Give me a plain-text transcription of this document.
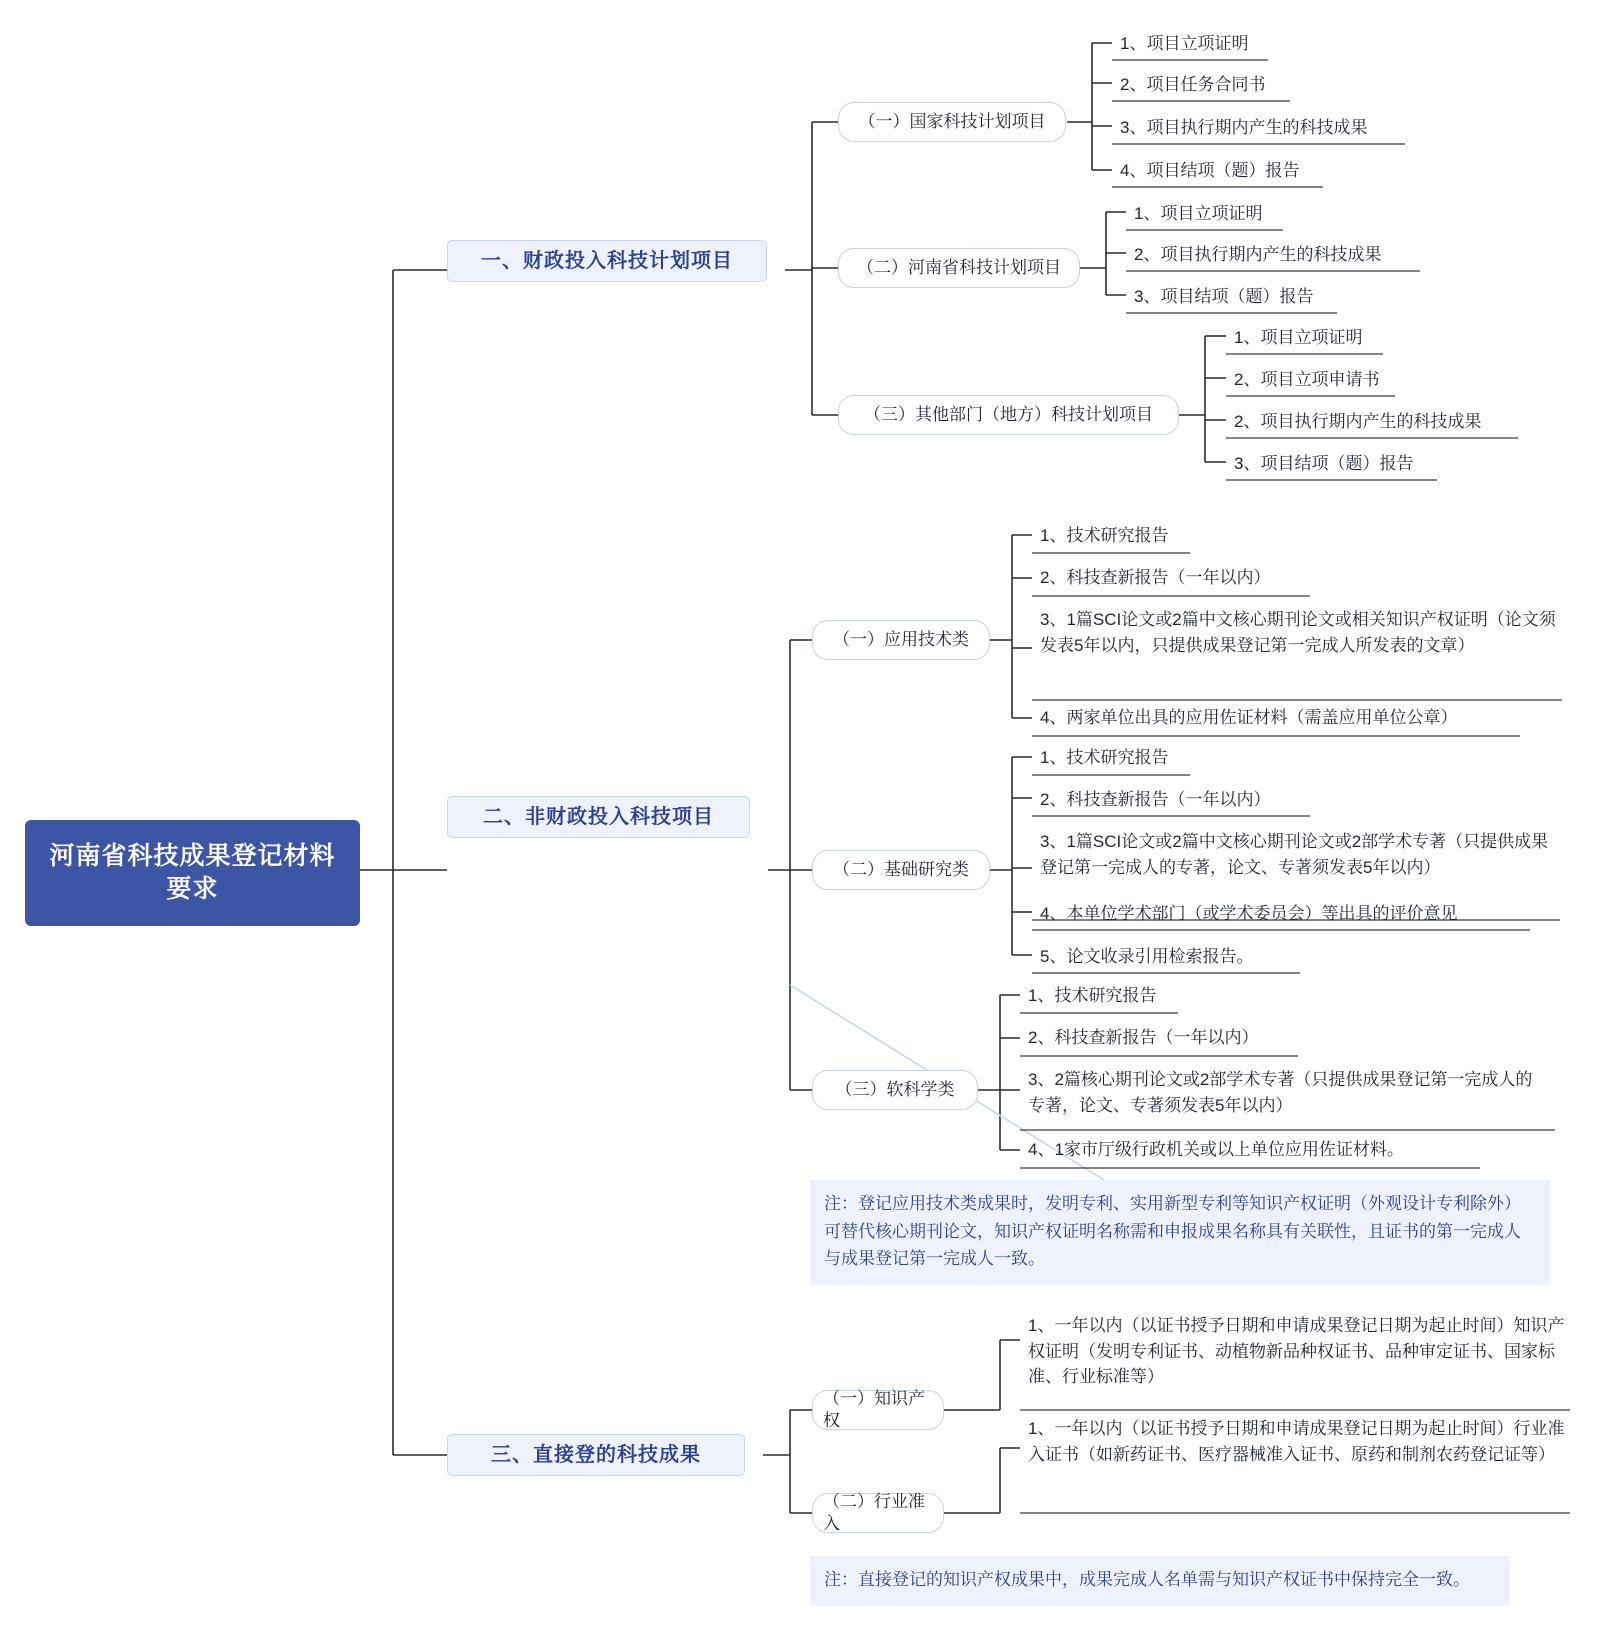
河南省科技成果登记材料要求
一、财政投入科技计划项目
二、非财政投入科技项目
三、直接登的科技成果
（一）国家科技计划项目
（二）河南省科技计划项目
（三）其他部门（地方）科技计划项目
1、项目立项证明
2、项目任务合同书
3、项目执行期内产生的科技成果
4、项目结项（题）报告
1、项目立项证明
2、项目执行期内产生的科技成果
3、项目结项（题）报告
1、项目立项证明
2、项目立项申请书
2、项目执行期内产生的科技成果
3、项目结项（题）报告
（一）应用技术类
（二）基础研究类
（三）软科学类
1、技术研究报告
2、科技查新报告（一年以内）
3、1篇SCI论文或2篇中文核心期刊论文或相关知识产权证明（论文须发表5年以内，只提供成果登记第一完成人所发表的文章）
4、两家单位出具的应用佐证材料（需盖应用单位公章）
1、技术研究报告
2、科技查新报告（一年以内）
3、1篇SCI论文或2篇中文核心期刊论文或2部学术专著（只提供成果登记第一完成人的专著，论文、专著须发表5年以内）
4、本单位学术部门（或学术委员会）等出具的评价意见
5、论文收录引用检索报告。
1、技术研究报告
2、科技查新报告（一年以内）
3、2篇核心期刊论文或2部学术专著（只提供成果登记第一完成人的专著，论文、专著须发表5年以内）
4、1家市厅级行政机关或以上单位应用佐证材料。
注：登记应用技术类成果时，发明专利、实用新型专利等知识产权证明（外观设计专利除外）可替代核心期刊论文，知识产权证明名称需和申报成果名称具有关联性，且证书的第一完成人与成果登记第一完成人一致。
（一）知识产权
（二）行业准入
1、一年以内（以证书授予日期和申请成果登记日期为起止时间）知识产权证明（发明专利证书、动植物新品种权证书、品种审定证书、国家标准、行业标准等）
1、一年以内（以证书授予日期和申请成果登记日期为起止时间）行业准入证书（如新药证书、医疗器械准入证书、原药和制剂农药登记证等）
注：直接登记的知识产权成果中，成果完成人名单需与知识产权证书中保持完全一致。
